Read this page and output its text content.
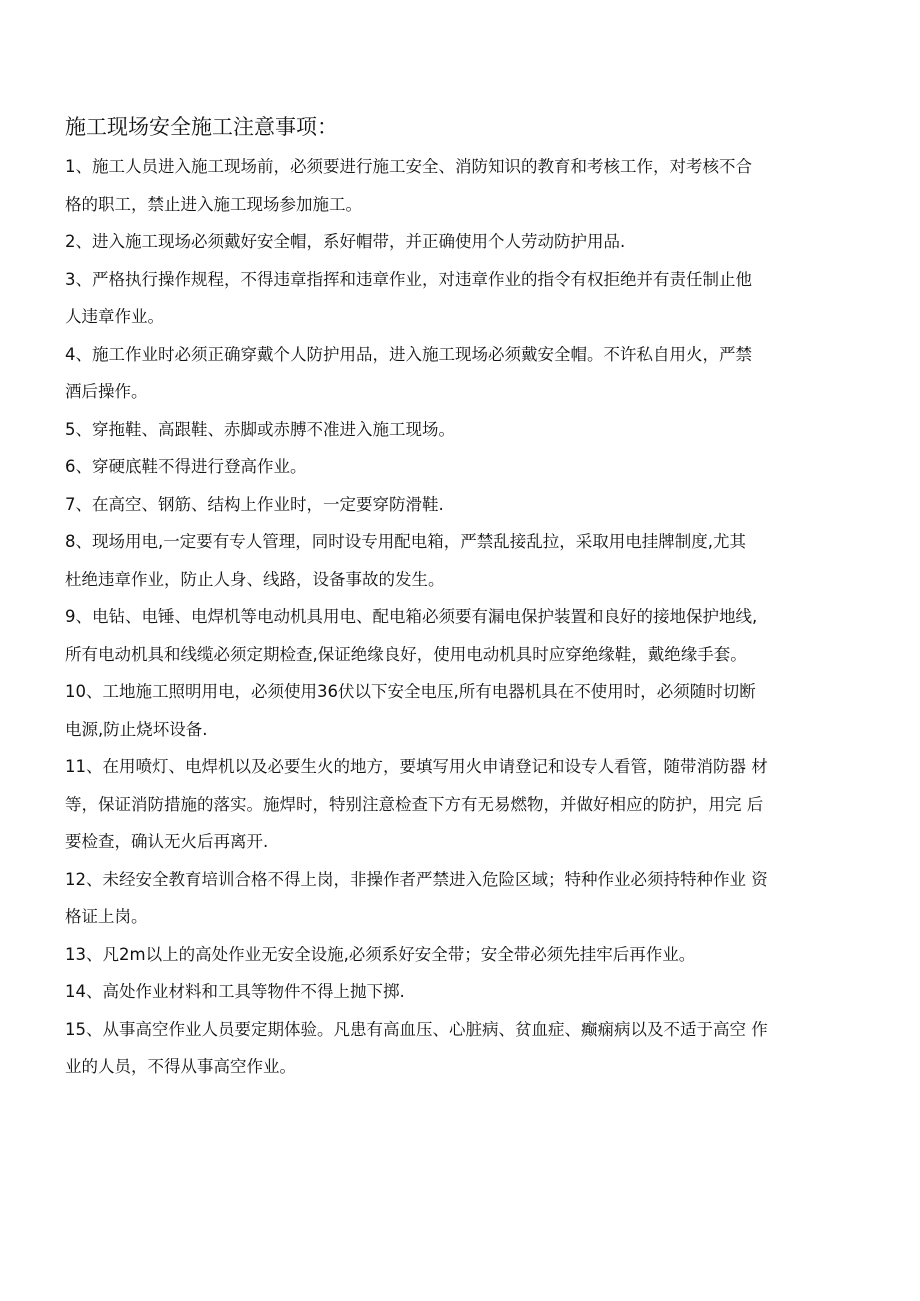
施工现场安全施工注意事项：
1、施工人员进入施工现场前，必须要进行施工安全、消防知识的教育和考核工作，对考核不合
格的职工，禁止进入施工现场参加施工。
2、进入施工现场必须戴好安全帽，系好帽带，并正确使用个人劳动防护用品.
3、严格执行操作规程，不得违章指挥和违章作业，对违章作业的指令有权拒绝并有责任制止他
人违章作业。
4、施工作业时必须正确穿戴个人防护用品，进入施工现场必须戴安全帽。不许私自用火，严禁
酒后操作。
5、穿拖鞋、高跟鞋、赤脚或赤膊不准进入施工现场。
6、穿硬底鞋不得进行登高作业。
7、在高空、钢筋、结构上作业时，一定要穿防滑鞋.
8、现场用电,一定要有专人管理，同时设专用配电箱，严禁乱接乱拉，采取用电挂牌制度,尤其
杜绝违章作业，防止人身、线路，设备事故的发生。
9、电钻、电锤、电焊机等电动机具用电、配电箱必须要有漏电保护装置和良好的接地保护地线,
所有电动机具和线缆必须定期检查,保证绝缘良好，使用电动机具时应穿绝缘鞋，戴绝缘手套。
10、工地施工照明用电，必须使用36伏以下安全电压,所有电器机具在不使用时，必须随时切断
电源,防止烧坏设备.
11、在用喷灯、电焊机以及必要生火的地方，要填写用火申请登记和设专人看管，随带消防器 材
等，保证消防措施的落实。施焊时，特别注意检查下方有无易燃物，并做好相应的防护，用完 后
要检查，确认无火后再离开.
12、未经安全教育培训合格不得上岗，非操作者严禁进入危险区域；特种作业必须持特种作业 资
格证上岗。
13、凡2m以上的高处作业无安全设施,必须系好安全带；安全带必须先挂牢后再作业。
14、高处作业材料和工具等物件不得上抛下掷.
15、从事高空作业人员要定期体验。凡患有高血压、心脏病、贫血症、癫痫病以及不适于高空 作
业的人员，不得从事高空作业。
